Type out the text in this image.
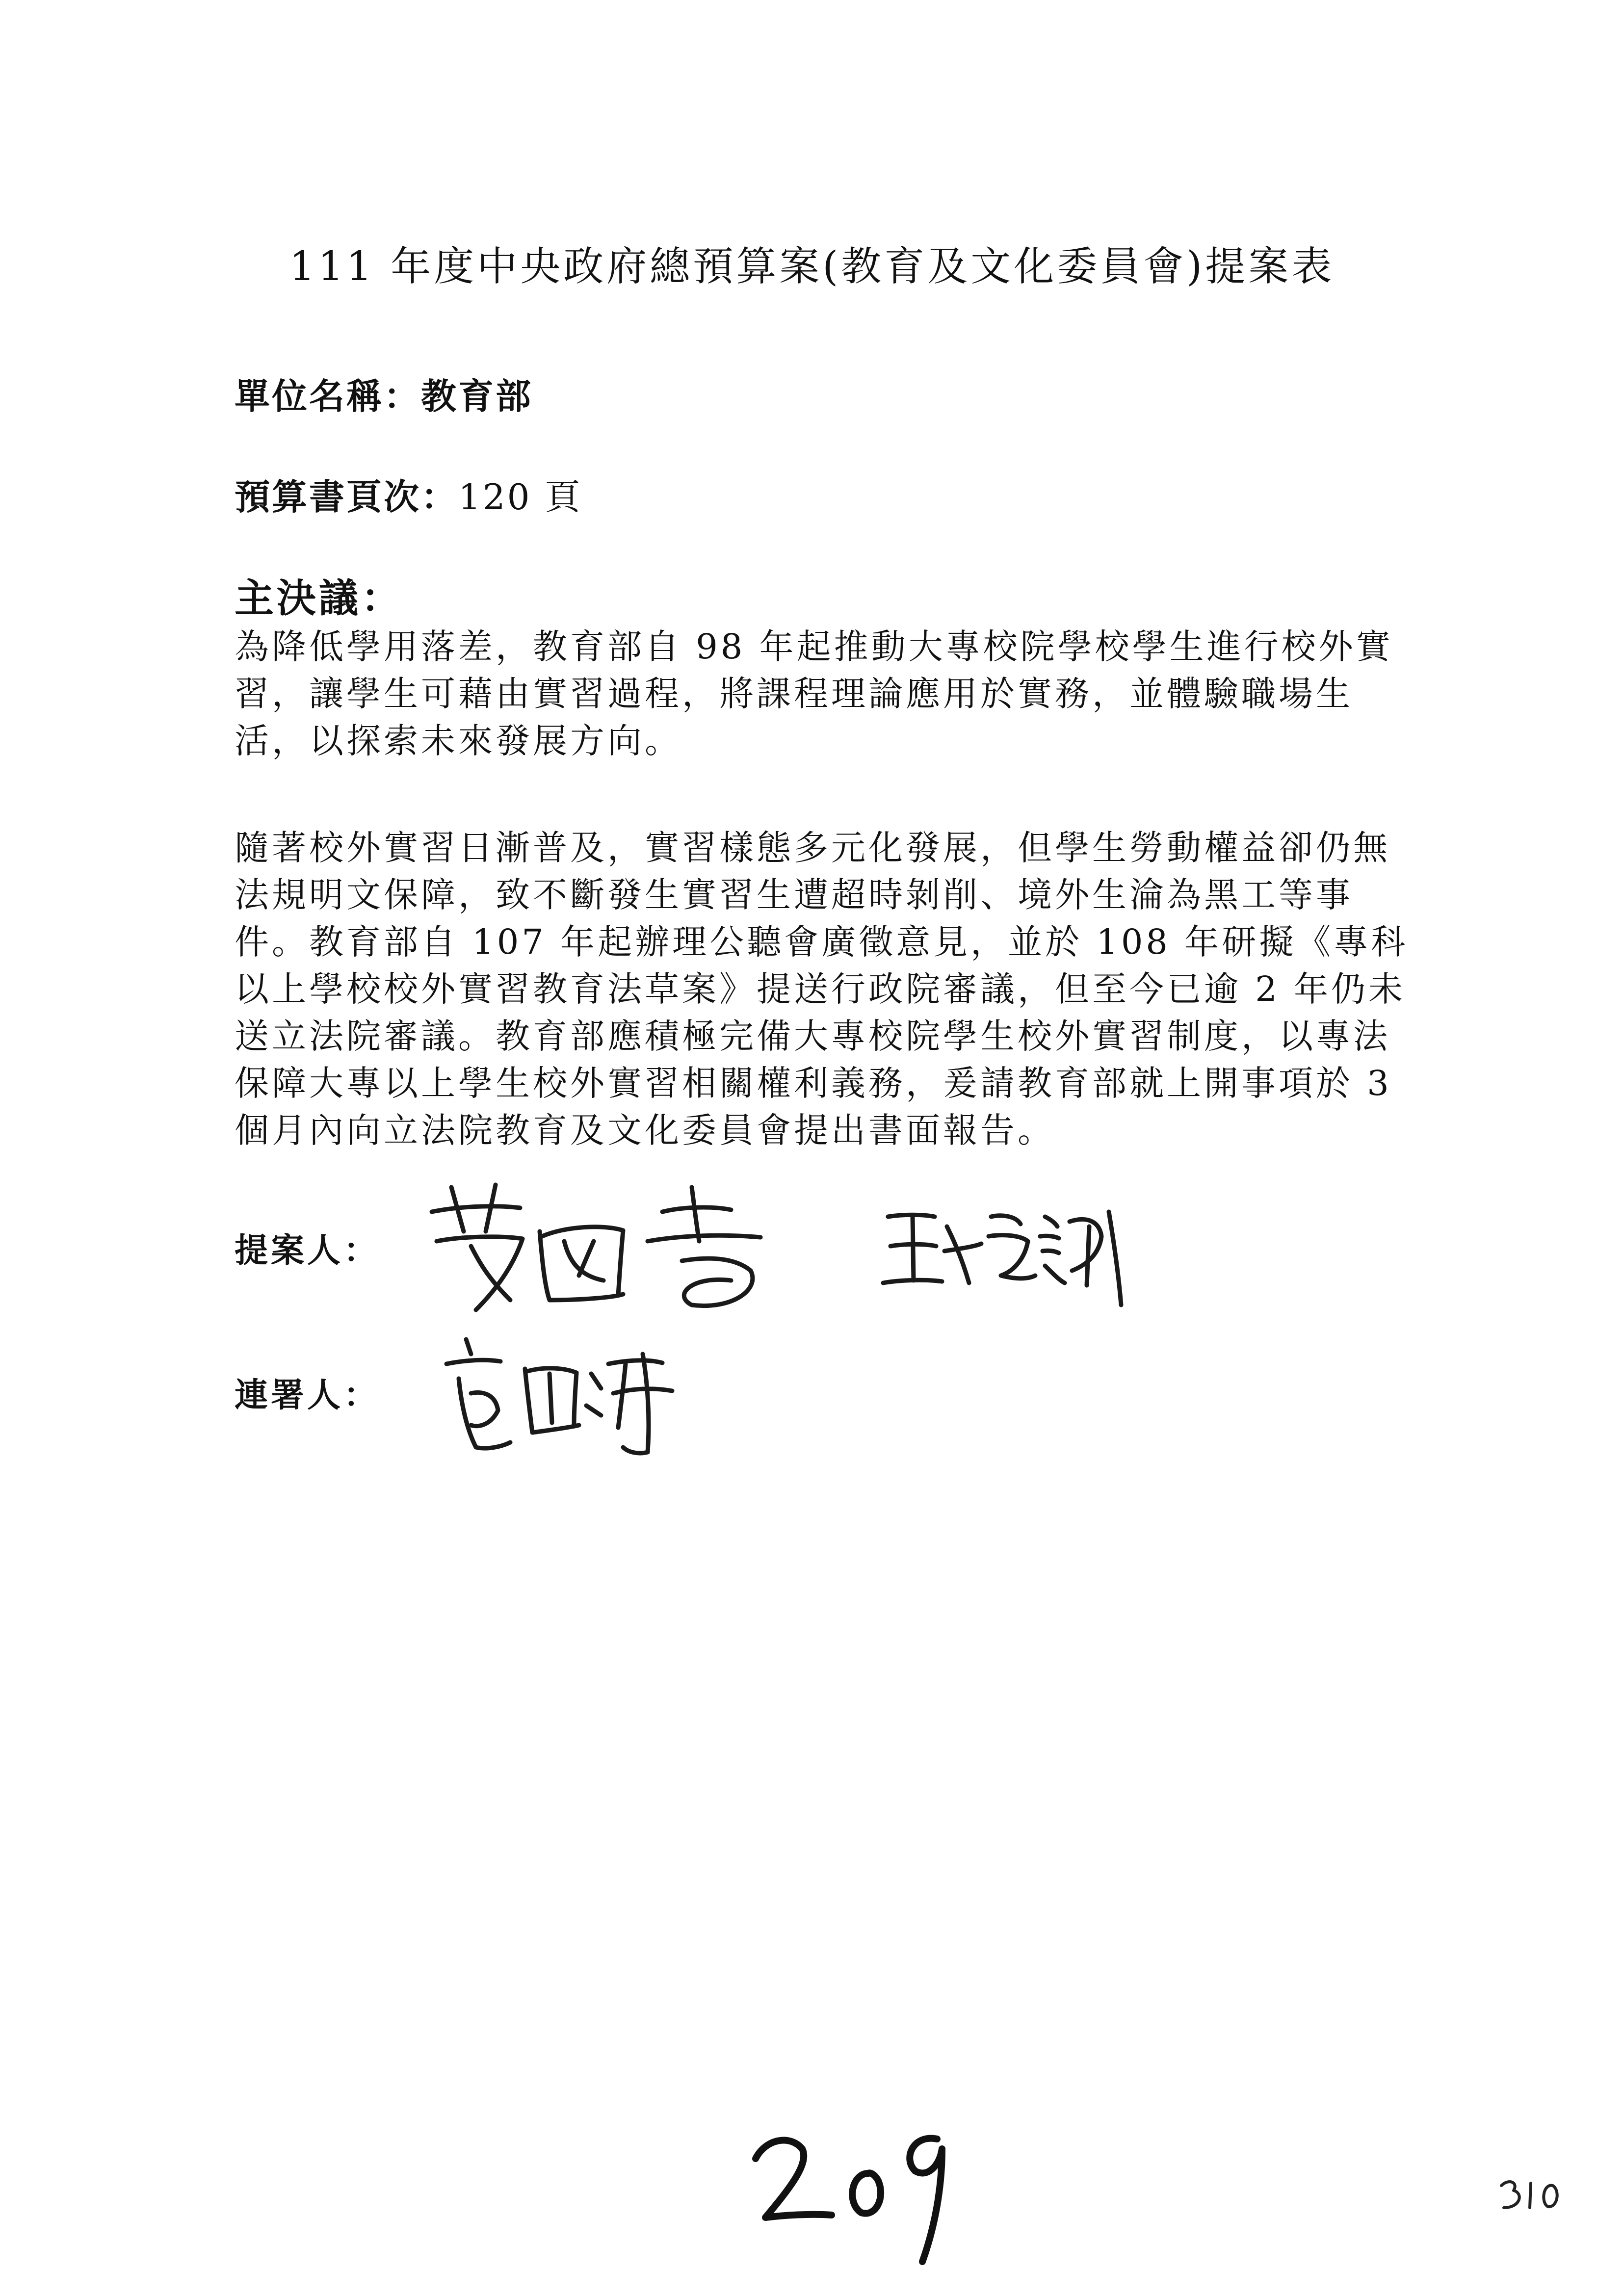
111 年度中央政府總預算案(教育及文化委員會)提案表
單位名稱：教育部
預算書頁次：120 頁
主決議：

為降低學用落差，教育部自 98 年起推動大專校院學校學生進行校外實習，讓學生可藉由實習過程，將課程理論應用於實務，並體驗職場生活，以探索未來發展方向。

隨著校外實習日漸普及，實習樣態多元化發展，但學生勞動權益卻仍無法規明文保障，致不斷發生實習生遭超時剝削、境外生淪為黑工等事件。教育部自 107 年起辦理公聽會廣徵意見，並於 108 年研擬《專科以上學校校外實習教育法草案》提送行政院審議，但至今已逾 2 年仍未送立法院審議。教育部應積極完備大專校院學生校外實習制度，以專法保障大專以上學生校外實習相關權利義務，爰請教育部就上開事項於 3 個月內向立法院教育及文化委員會提出書面報告。

提案人：
連署人：
